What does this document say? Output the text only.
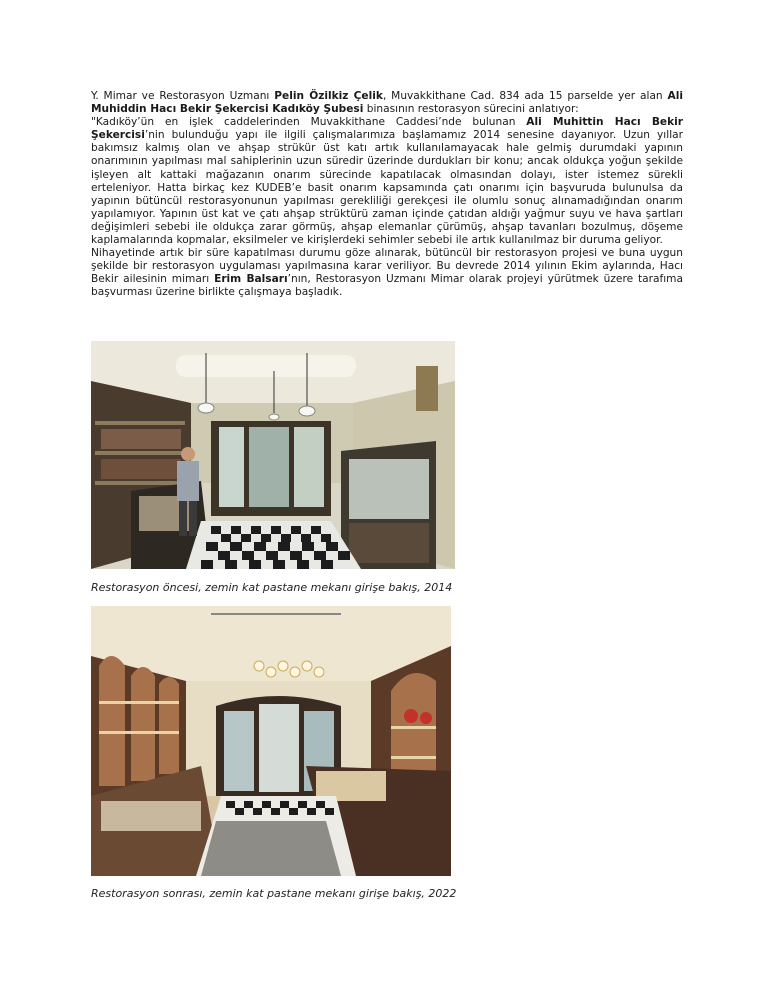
Y. Mimar ve Restorasyon Uzmanı Pelin Özilkiz Çelik, Muvakkithane Cad. 834 ada 15 parselde yer alan Ali Muhiddin Hacı Bekir Şekercisi Kadıköy Şubesi binasının restorasyon sürecini anlatıyor:

"Kadıköy’ün en işlek caddelerinden Muvakkithane Caddesi’nde bulunan Ali Muhittin Hacı Bekir Şekercisi’nin bulunduğu yapı ile ilgili çalışmalarımıza başlamamız 2014 senesine dayanıyor. Uzun yıllar bakımsız kalmış olan ve ahşap strükür üst katı artık kullanılamayacak hale gelmiş durumdaki yapının onarımının yapılması mal sahiplerinin uzun süredir üzerinde durdukları bir konu; ancak oldukça yoğun şekilde işleyen alt kattaki mağazanın onarım sürecinde kapatılacak olmasından dolayı, ister istemez sürekli erteleniyor. Hatta birkaç kez KUDEB’e basit onarım kapsamında çatı onarımı için başvuruda bulunulsa da yapının bütüncül restorasyonunun yapılması gerekliliği gerekçesi ile olumlu sonuç alınamadığından onarım yapılamıyor. Yapının üst kat ve çatı ahşap strüktürü zaman içinde çatıdan aldığı yağmur suyu ve hava şartları değişimleri sebebi ile oldukça zarar görmüş, ahşap elemanlar çürümüş, ahşap tavanları bozulmuş, döşeme kaplamalarında kopmalar, eksilmeler ve kirişlerdeki sehimler sebebi ile artık kullanılmaz bir duruma geliyor.

Nihayetinde artık bir süre kapatılması durumu göze alınarak, bütüncül bir restorasyon projesi ve buna uygun şekilde bir restorasyon uygulaması yapılmasına karar veriliyor. Bu devrede 2014 yılının Ekim aylarında, Hacı Bekir ailesinin mimarı Erim Balsarı’nın, Restorasyon Uzmanı Mimar olarak projeyi yürütmek üzere tarafıma başvurması üzerine birlikte çalışmaya başladık.

Restorasyon öncesi, zemin kat pastane mekanı girişe bakış, 2014
Restorasyon sonrası, zemin kat pastane mekanı girişe bakış, 2022
